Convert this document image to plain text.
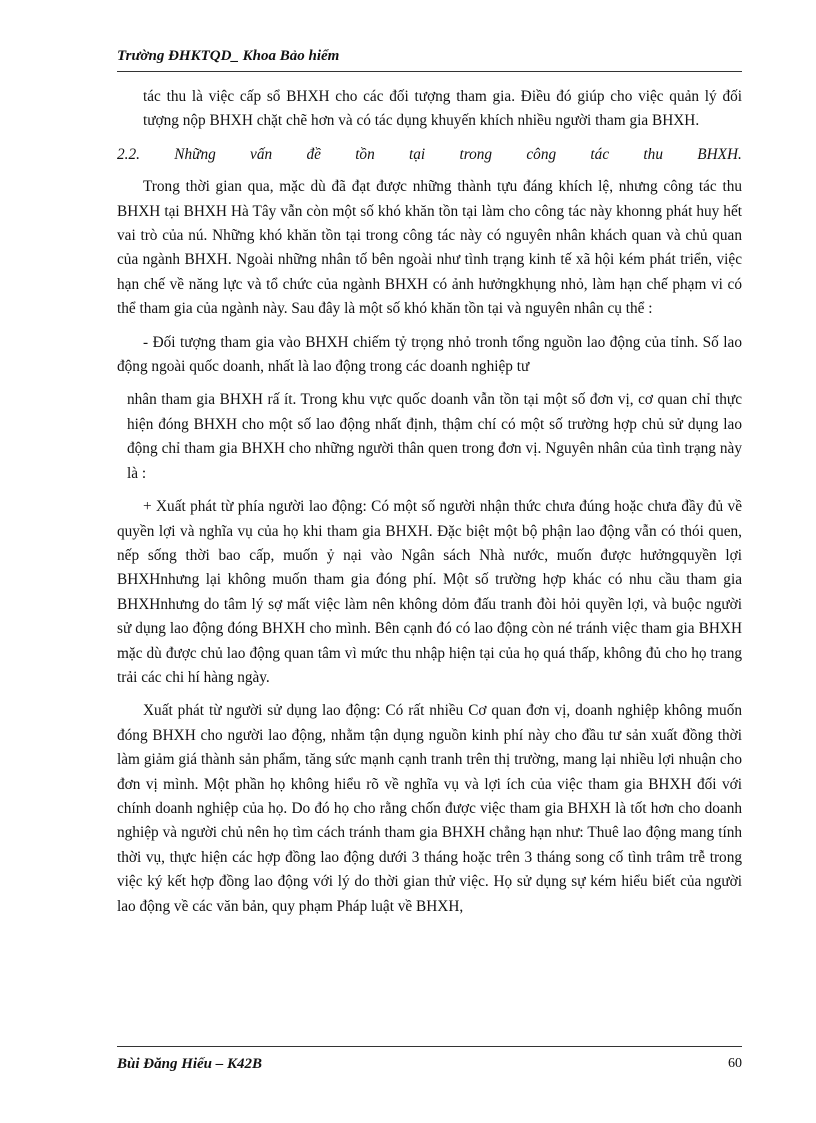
Trường ĐHKTQD_ Khoa Bảo hiểm

tác thu là việc cấp sổ BHXH cho các đối tượng tham gia. Điều đó giúp cho việc quản lý đối tượng nộp BHXH chặt chẽ hơn và có tác dụng khuyến khích nhiều người tham gia BHXH.

2.2. Những vấn đề tồn tại trong công tác thu BHXH.

Trong thời gian qua, mặc dù đã đạt được những thành tựu đáng khích lệ, nhưng công tác thu BHXH tại BHXH Hà Tây vẫn còn một số khó khăn tồn tại làm cho công tác này khonng phát huy hết vai trò của nú. Những khó khăn tồn tại trong công tác này có nguyên nhân khách quan và chủ quan của ngành BHXH. Ngoài những nhân tố bên ngoài như tình trạng kinh tế xã hội kém phát triển, việc hạn chế về năng lực và tổ chức của ngành BHXH có ảnh hưởngkhụng nhỏ, làm hạn chế phạm vi có thể tham gia của ngành này. Sau đây là một số khó khăn tồn tại và nguyên nhân cụ thể :

- Đối tượng tham gia vào BHXH chiếm tỷ trọng nhỏ tronh tổng nguồn lao động của tỉnh. Số lao động ngoài quốc doanh, nhất là lao động trong các doanh nghiệp tư

nhân tham gia BHXH rấ ít. Trong khu vực quốc doanh vẫn tồn tại một số đơn vị, cơ quan chỉ thực hiện đóng BHXH cho một số lao động nhất định, thậm chí có một số trường hợp chủ sử dụng lao động chỉ tham gia BHXH cho những người thân quen trong đơn vị. Nguyên nhân của tình trạng này là :

+ Xuất phát từ phía người lao động: Có một số người nhận thức chưa đúng hoặc chưa đầy đủ về quyền lợi và nghĩa vụ của họ khi tham gia BHXH. Đặc biệt một bộ phận lao động vẫn có thói quen, nếp sống thời bao cấp, muốn ỷ nại vào Ngân sách Nhà nước, muốn được hưởngquyền lợi BHXHnhưng lại không muốn tham gia đóng phí. Một số trường hợp khác có nhu cầu tham gia BHXHnhưng do tâm lý sợ mất việc làm nên không dỏm đấu tranh đòi hỏi quyền lợi, và buộc người sử dụng lao động đóng BHXH cho mình. Bên cạnh đó có lao động còn né tránh việc tham gia BHXH mặc dù được chủ lao động quan tâm vì mức thu nhập hiện tại của họ quá thấp, không đủ cho họ trang trải các chi hí hàng ngày.

Xuất phát từ người sử dụng lao động: Có rất nhiều Cơ quan đơn vị, doanh nghiệp không muốn đóng BHXH cho người lao động, nhằm tận dụng nguồn kinh phí này cho đầu tư sản xuất đồng thời làm giảm giá thành sản phẩm, tăng sức mạnh cạnh tranh trên thị trường, mang lại nhiều lợi nhuận cho đơn vị mình. Một phần họ không hiểu rõ về nghĩa vụ và lợi ích của việc tham gia BHXH đối với chính doanh nghiệp của họ. Do đó họ cho rằng chốn được việc tham gia BHXH là tốt hơn cho doanh nghiệp và người chủ nên họ tìm cách tránh tham gia BHXH chẳng hạn như: Thuê lao động mang tính thời vụ, thực hiện các hợp đồng lao động dưới 3 tháng hoặc trên 3 tháng song cố tình trâm trễ trong việc ký kết hợp đồng lao động với lý do thời gian thử việc. Họ sử dụng sự kém hiểu biết của người lao động về các văn bản, quy phạm Pháp luật về BHXH,

Bùi Đăng Hiếu – K42B	60
